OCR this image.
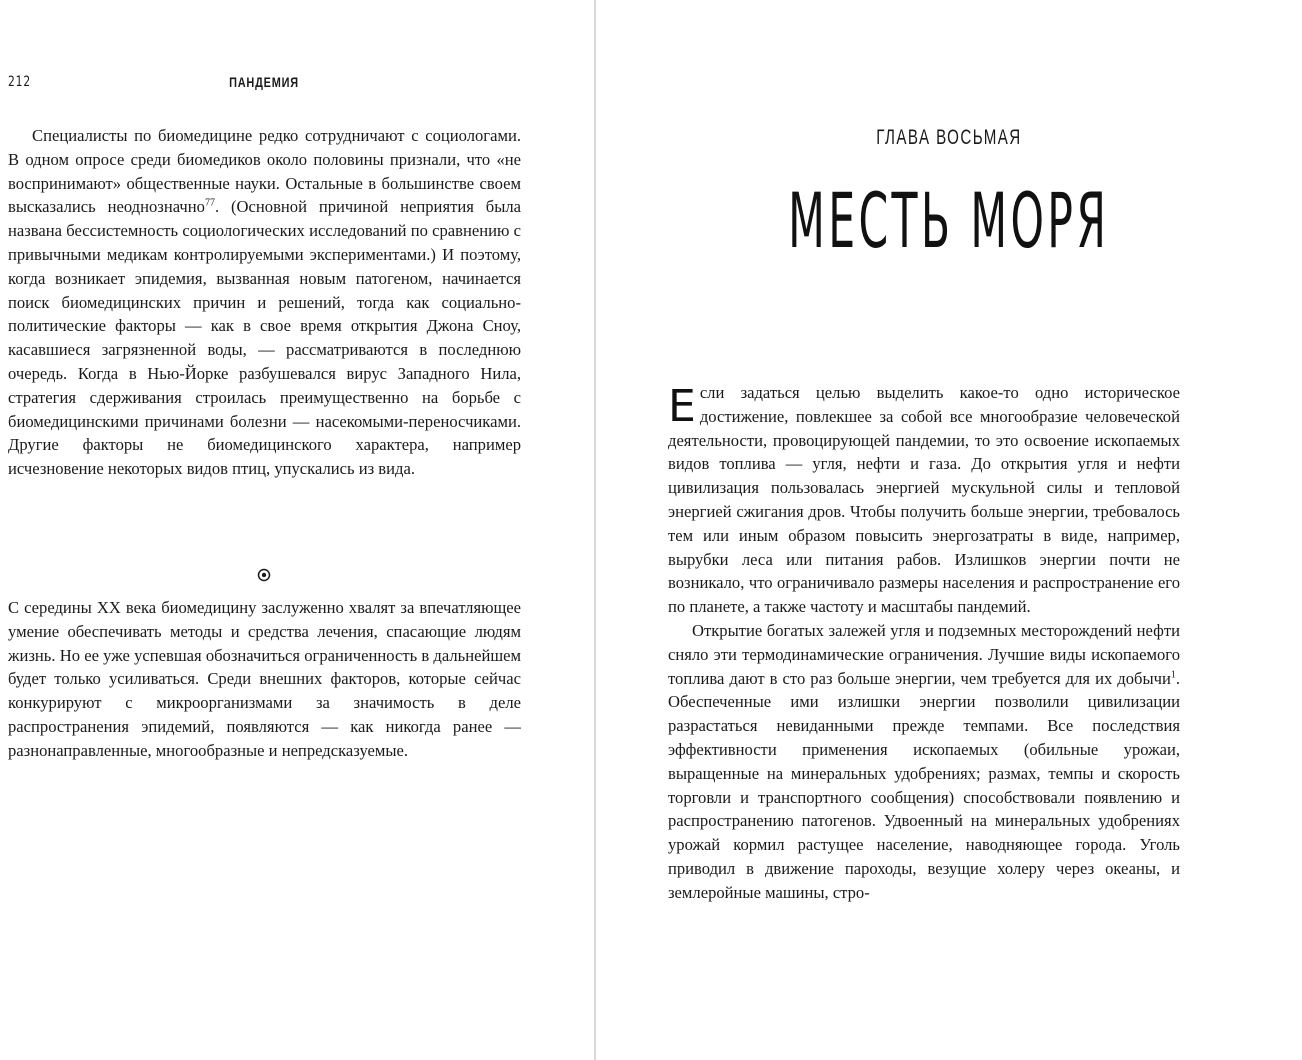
212	ПАНДЕМИЯ

Специалисты по биомедицине редко сотрудничают с социологами. В одном опросе среди биомедиков около половины признали, что «не воспринимают» общественные науки. Остальные в большинстве своем высказались неоднозначно$^{77}$. (Основной причиной неприятия была названа бессистемность социологических исследований по сравнению с привычными медикам контролируемыми экспериментами.) И поэтому, когда возникает эпидемия, вызванная новым патогеном, начинается поиск биомедицинских причин и решений, тогда как социально-политические факторы — как в свое время открытия Джона Сноу, касавшиеся загрязненной воды, — рассматриваются в последнюю очередь. Когда в Нью-Йорке разбушевался вирус Западного Нила, стратегия сдерживания строилась преимущественно на борьбе с биомедицинскими причинами болезни — насекомыми-переносчиками. Другие факторы не биомедицинского характера, например исчезновение некоторых видов птиц, упускались из вида.

С середины XX века биомедицину заслуженно хвалят за впечатляющее умение обеспечивать методы и средства лечения, спасающие людям жизнь. Но ее уже успевшая обозначиться ограниченность в дальнейшем будет только усиливаться. Среди внешних факторов, которые сейчас конкурируют с микроорганизмами за значимость в деле распространения эпидемий, появляются — как никогда ранее — разнонаправленные, многообразные и непредсказуемые.

ГЛАВА ВОСЬМАЯ
МЕСТЬ МОРЯ

Если задаться целью выделить какое-то одно историческое достижение, повлекшее за собой все многообразие человеческой деятельности, провоцирующей пандемии, то это освоение ископаемых видов топлива — угля, нефти и газа. До открытия угля и нефти цивилизация пользовалась энергией мускульной силы и тепловой энергией сжигания дров. Чтобы получить больше энергии, требовалось тем или иным образом повысить энергозатраты в виде, например, вырубки леса или питания рабов. Излишков энергии почти не возникало, что ограничивало размеры населения и распространение его по планете, а также частоту и масштабы пандемий.

Открытие богатых залежей угля и подземных месторождений нефти сняло эти термодинамические ограничения. Лучшие виды ископаемого топлива дают в сто раз больше энергии, чем требуется для их добычи$^1$. Обеспеченные ими излишки энергии позволили цивилизации разрастаться невиданными прежде темпами. Все последствия эффективности применения ископаемых (обильные урожаи, выращенные на минеральных удобрениях; размах, темпы и скорость торговли и транспортного сообщения) способствовали появлению и распространению патогенов. Удвоенный на минеральных удобрениях урожай кормил растущее население, наводняющее города. Уголь приводил в движение пароходы, везущие холеру через океаны, и землеройные машины, стро-
